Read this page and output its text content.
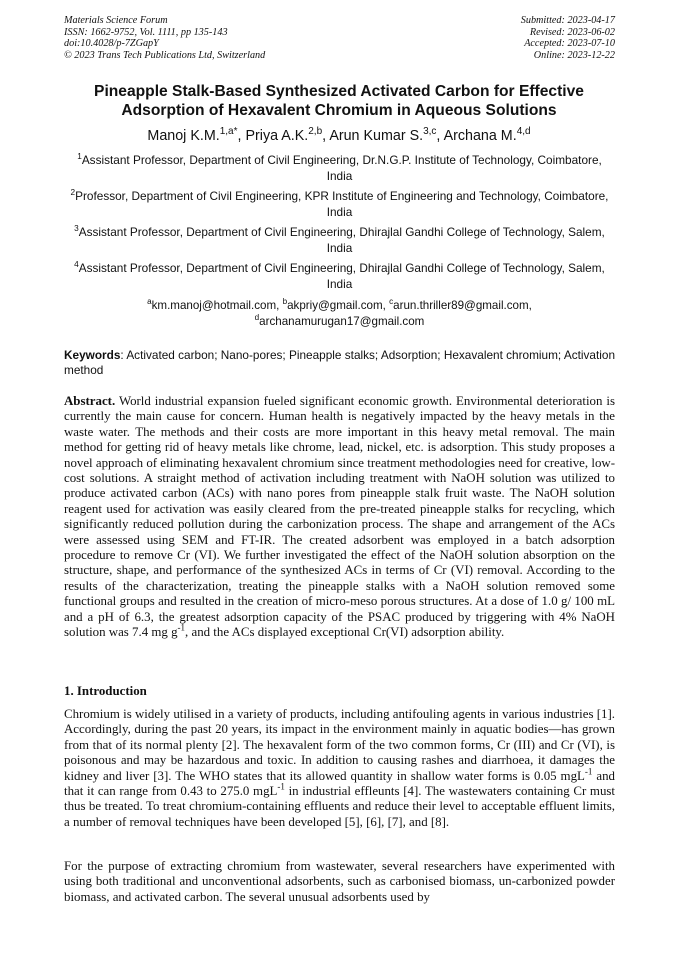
Materials Science Forum
ISSN: 1662-9752, Vol. 1111, pp 135-143
doi:10.4028/p-7ZGapY
© 2023 Trans Tech Publications Ltd, Switzerland
Submitted: 2023-04-17
Revised: 2023-06-02
Accepted: 2023-07-10
Online: 2023-12-22
Pineapple Stalk-Based Synthesized Activated Carbon for Effective Adsorption of Hexavalent Chromium in Aqueous Solutions
Manoj K.M.$^{1,a*}$, Priya A.K.$^{2,b}$, Arun Kumar S.$^{3,c}$, Archana M.$^{4,d}$
$^1$Assistant Professor, Department of Civil Engineering, Dr.N.G.P. Institute of Technology, Coimbatore, India
$^2$Professor, Department of Civil Engineering, KPR Institute of Engineering and Technology, Coimbatore, India
$^3$Assistant Professor, Department of Civil Engineering, Dhirajlal Gandhi College of Technology, Salem, India
$^4$Assistant Professor, Department of Civil Engineering, Dhirajlal Gandhi College of Technology, Salem, India
$^a$km.manoj@hotmail.com, $^b$akpriy@gmail.com, $^c$arun.thriller89@gmail.com,
$^d$archanamurugan17@gmail.com

Keywords: Activated carbon; Nano-pores; Pineapple stalks; Adsorption; Hexavalent chromium; Activation method

Abstract. World industrial expansion fueled significant economic growth. Environmental deterioration is currently the main cause for concern. Human health is negatively impacted by the heavy metals in the waste water. The methods and their costs are more important in this heavy metal removal. The main method for getting rid of heavy metals like chrome, lead, nickel, etc. is adsorption. This study proposes a novel approach of eliminating hexavalent chromium since treatment methodologies need for creative, low-cost solutions. A straight method of activation including treatment with NaOH solution was utilized to produce activated carbon (ACs) with nano pores from pineapple stalk fruit waste. The NaOH solution reagent used for activation was easily cleared from the pre-treated pineapple stalks for recycling, which significantly reduced pollution during the carbonization process. The shape and arrangement of the ACs were assessed using SEM and FT-IR. The created adsorbent was employed in a batch adsorption procedure to remove Cr (VI). We further investigated the effect of the NaOH solution absorption on the structure, shape, and performance of the synthesized ACs in terms of Cr (VI) removal. According to the results of the characterization, treating the pineapple stalks with a NaOH solution removed some functional groups and resulted in the creation of micro-meso porous structures. At a dose of 1.0 g/ 100 mL and a pH of 6.3, the greatest adsorption capacity of the PSAC produced by triggering with 4% NaOH solution was 7.4 mg $g^{-1}$, and the ACs displayed exceptional Cr(VI) adsorption ability.

1. Introduction

Chromium is widely utilised in a variety of products, including antifouling agents in various industries [1]. Accordingly, during the past 20 years, its impact in the environment mainly in aquatic bodies—has grown from that of its normal plenty [2]. The hexavalent form of the two common forms, Cr (III) and Cr (VI), is poisonous and may be hazardous and toxic. In addition to causing rashes and diarrhoea, it damages the kidney and liver [3]. The WHO states that its allowed quantity in shallow water forms is 0.05 mgL$^{-1}$ and that it can range from 0.43 to 275.0 mgL$^{-1}$ in industrial effleunts [4]. The wastewaters containing Cr must thus be treated. To treat chromium-containing effluents and reduce their level to acceptable effluent limits, a number of removal techniques have been developed [5], [6], [7], and [8].

For the purpose of extracting chromium from wastewater, several researchers have experimented with using both traditional and unconventional adsorbents, such as carbonised biomass, un-carbonized powder biomass, and activated carbon. The several unusual adsorbents used by
